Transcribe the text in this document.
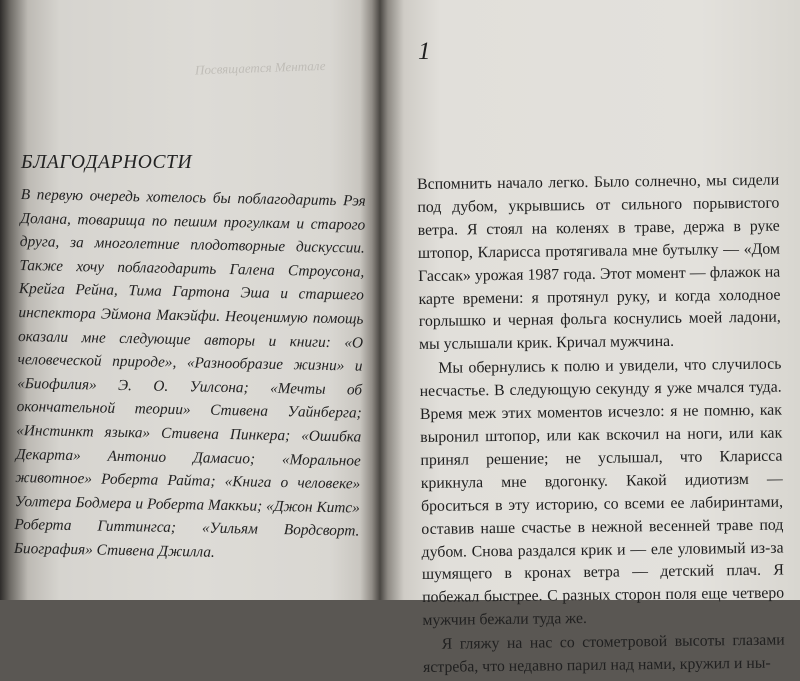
Посвящается Ментале
БЛАГОДАРНОСТИ

В первую очередь хотелось бы поблагодарить Рэя Долана, товарища по пешим прогулкам и старого друга, за многолетние плодотворные дискуссии. Также хочу поблагодарить Галена Строусона, Крейга Рейна, Тима Гартона Эша и старшего инспектора Эймона Макэйфи. Неоценимую помощь оказали мне следующие авторы и книги: «О человеческой природе», «Разнообразие жизни» и «Биофилия» Э. О. Уилсона; «Мечты об окончательной теории» Стивена Уайнберга; «Инстинкт языка» Стивена Пинкера; «Ошибка Декарта» Антонио Дамасио; «Моральное животное» Роберта Райта; «Книга о человеке» Уолтера Бодмера и Роберта Маккьи; «Джон Китс» Роберта Гиттингса; «Уильям Вордсворт. Биография» Стивена Джилла.

1

Вспомнить начало легко. Было солнечно, мы сидели под дубом, укрывшись от сильного порывистого ветра. Я стоял на коленях в траве, держа в руке штопор, Кларисса протягивала мне бутылку — «Дом Гассак» урожая 1987 года. Этот момент — флажок на карте времени: я протянул руку, и когда холодное горлышко и черная фольга коснулись моей ладони, мы услышали крик. Кричал мужчина.

Мы обернулись к полю и увидели, что случилось несчастье. В следующую секунду я уже мчался туда. Время меж этих моментов исчезло: я не помню, как выронил штопор, или как вскочил на ноги, или как принял решение; не услышал, что Кларисса крикнула мне вдогонку. Какой идиотизм — броситься в эту историю, со всеми ее лабиринтами, оставив наше счастье в нежной весенней траве под дубом. Снова раздался крик и — еле уловимый из-за шумящего в кронах ветра — детский плач. Я побежал быстрее. С разных сторон поля еще четверо мужчин бежали туда же.

Я гляжу на нас со стометровой высоты глазами ястреба, что недавно парил над нами, кружил и ны-
